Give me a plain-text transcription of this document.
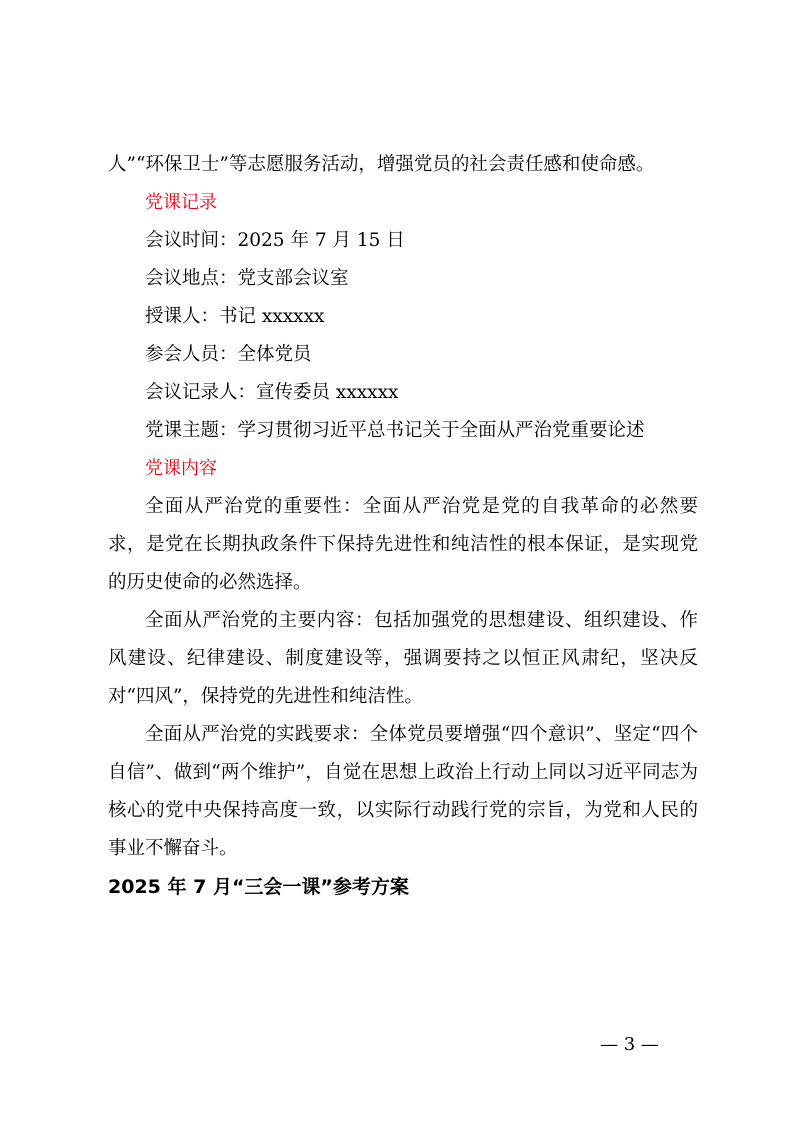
人”“环保卫士”等志愿服务活动，增强党员的社会责任感和使命感。

党课记录

会议时间：2025 年 7 月 15 日

会议地点：党支部会议室

授课人：书记 xxxxxx

参会人员：全体党员

会议记录人：宣传委员 xxxxxx

党课主题：学习贯彻习近平总书记关于全面从严治党重要论述

党课内容

全面从严治党的重要性：全面从严治党是党的自我革命的必然要求，是党在长期执政条件下保持先进性和纯洁性的根本保证，是实现党的历史使命的必然选择。

全面从严治党的主要内容：包括加强党的思想建设、组织建设、作风建设、纪律建设、制度建设等，强调要持之以恒正风肃纪，坚决反对“四风”，保持党的先进性和纯洁性。

全面从严治党的实践要求：全体党员要增强“四个意识”、坚定“四个自信”、做到“两个维护”，自觉在思想上政治上行动上同以习近平同志为核心的党中央保持高度一致，以实际行动践行党的宗旨，为党和人民的事业不懈奋斗。

2025 年 7 月“三会一课”参考方案

— 3 —
